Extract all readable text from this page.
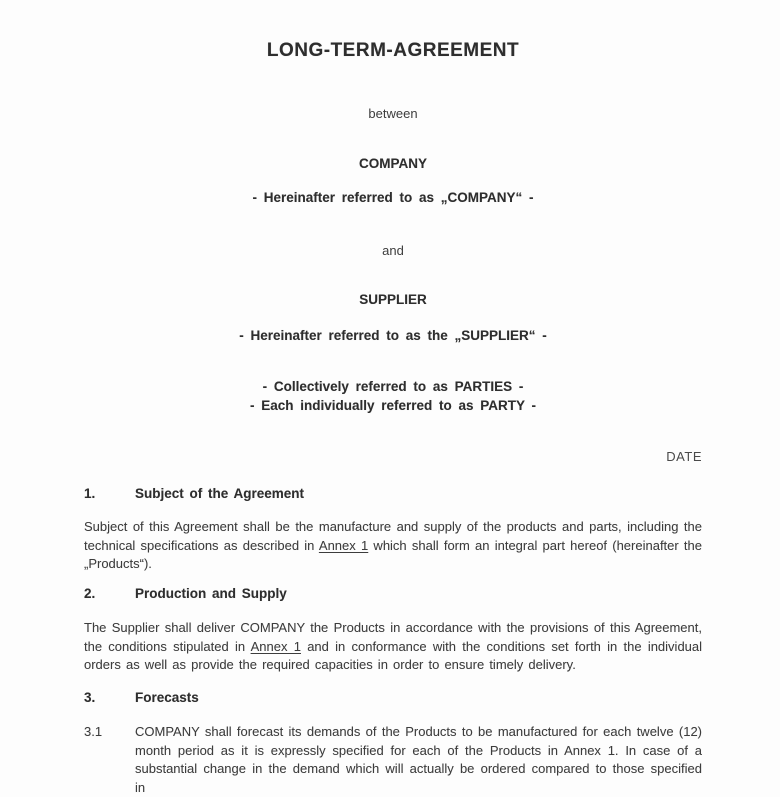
LONG-TERM-AGREEMENT
between
COMPANY
- Hereinafter referred to as „COMPANY“ -
and
SUPPLIER
- Hereinafter referred to as the „SUPPLIER“ -
- Collectively referred to as PARTIES -
- Each individually referred to as PARTY -
DATE
1.	Subject of the Agreement
Subject of this Agreement shall be the manufacture and supply of the products and parts, including the technical specifications as described in Annex 1 which shall form an integral part hereof (hereinafter the „Products“).
2.	Production and Supply
The Supplier shall deliver COMPANY the Products in accordance with the provisions of this Agreement, the conditions stipulated in Annex 1 and in conformance with the conditions set forth in the individual orders as well as provide the required capacities in order to ensure timely delivery.
3.	Forecasts
3.1	COMPANY shall forecast its demands of the Products to be manufactured for each twelve (12) month period as it is expressly specified for each of the Products in Annex 1. In case of a substantial change in the demand which will actually be ordered compared to those specified in
